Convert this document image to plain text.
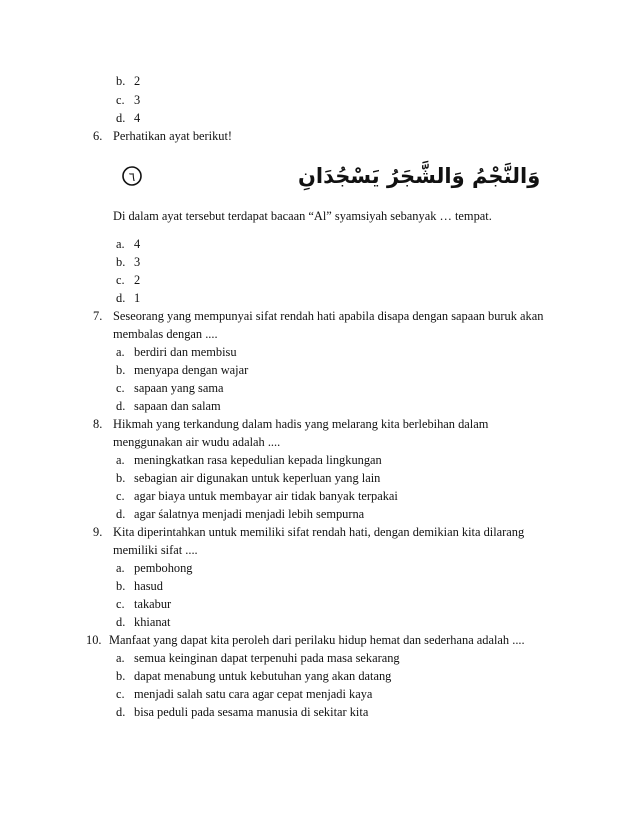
b. 2
c. 3
d. 4
6. Perhatikan ayat berikut!
٦	وَالنَّجْمُ وَالشَّجَرُ يَسْجُدَانِ
Di dalam ayat tersebut terdapat bacaan “Al” syamsiyah sebanyak … tempat.
a. 4
b. 3
c. 2
d. 1
7. Seseorang yang mempunyai sifat rendah hati apabila disapa dengan sapaan buruk akan
membalas dengan ....
a. berdiri dan membisu
b. menyapa dengan wajar
c. sapaan yang sama
d. sapaan dan salam
8. Hikmah yang terkandung dalam hadis yang melarang kita berlebihan dalam
menggunakan air wudu adalah ....
a. meningkatkan rasa kepedulian kepada lingkungan
b. sebagian air digunakan untuk keperluan yang lain
c. agar biaya untuk membayar air tidak banyak terpakai
d. agar śalatnya menjadi menjadi lebih sempurna
9. Kita diperintahkan untuk memiliki sifat rendah hati, dengan demikian kita dilarang
memiliki sifat ....
a. pembohong
b. hasud
c. takabur
d. khianat
10. Manfaat yang dapat kita peroleh dari perilaku hidup hemat dan sederhana adalah ....
a. semua keinginan dapat terpenuhi pada masa sekarang
b. dapat menabung untuk kebutuhan yang akan datang
c. menjadi salah satu cara agar cepat menjadi kaya
d. bisa peduli pada sesama manusia di sekitar kita
